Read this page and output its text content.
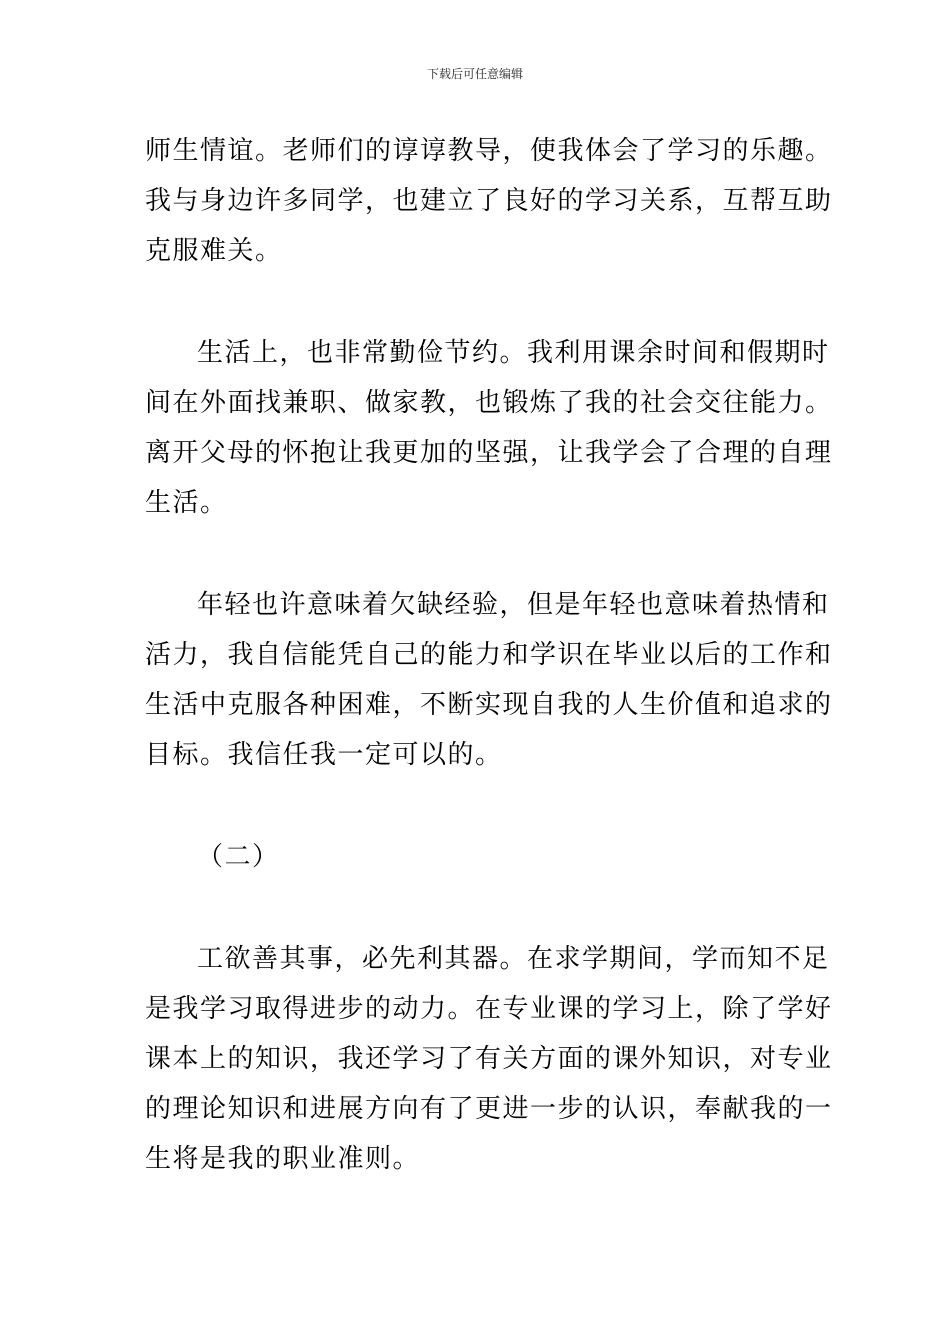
下载后可任意编辑
师生情谊。老师们的谆谆教导，使我体会了学习的乐趣。
我与身边许多同学，也建立了良好的学习关系，互帮互助
克服难关。
生活上，也非常勤俭节约。我利用课余时间和假期时
间在外面找兼职、做家教，也锻炼了我的社会交往能力。
离开父母的怀抱让我更加的坚强，让我学会了合理的自理
生活。
年轻也许意味着欠缺经验，但是年轻也意味着热情和
活力，我自信能凭自己的能力和学识在毕业以后的工作和
生活中克服各种困难，不断实现自我的人生价值和追求的
目标。我信任我一定可以的。
（二）
工欲善其事，必先利其器。在求学期间，学而知不足
是我学习取得进步的动力。在专业课的学习上，除了学好
课本上的知识，我还学习了有关方面的课外知识，对专业
的理论知识和进展方向有了更进一步的认识，奉献我的一
生将是我的职业准则。
